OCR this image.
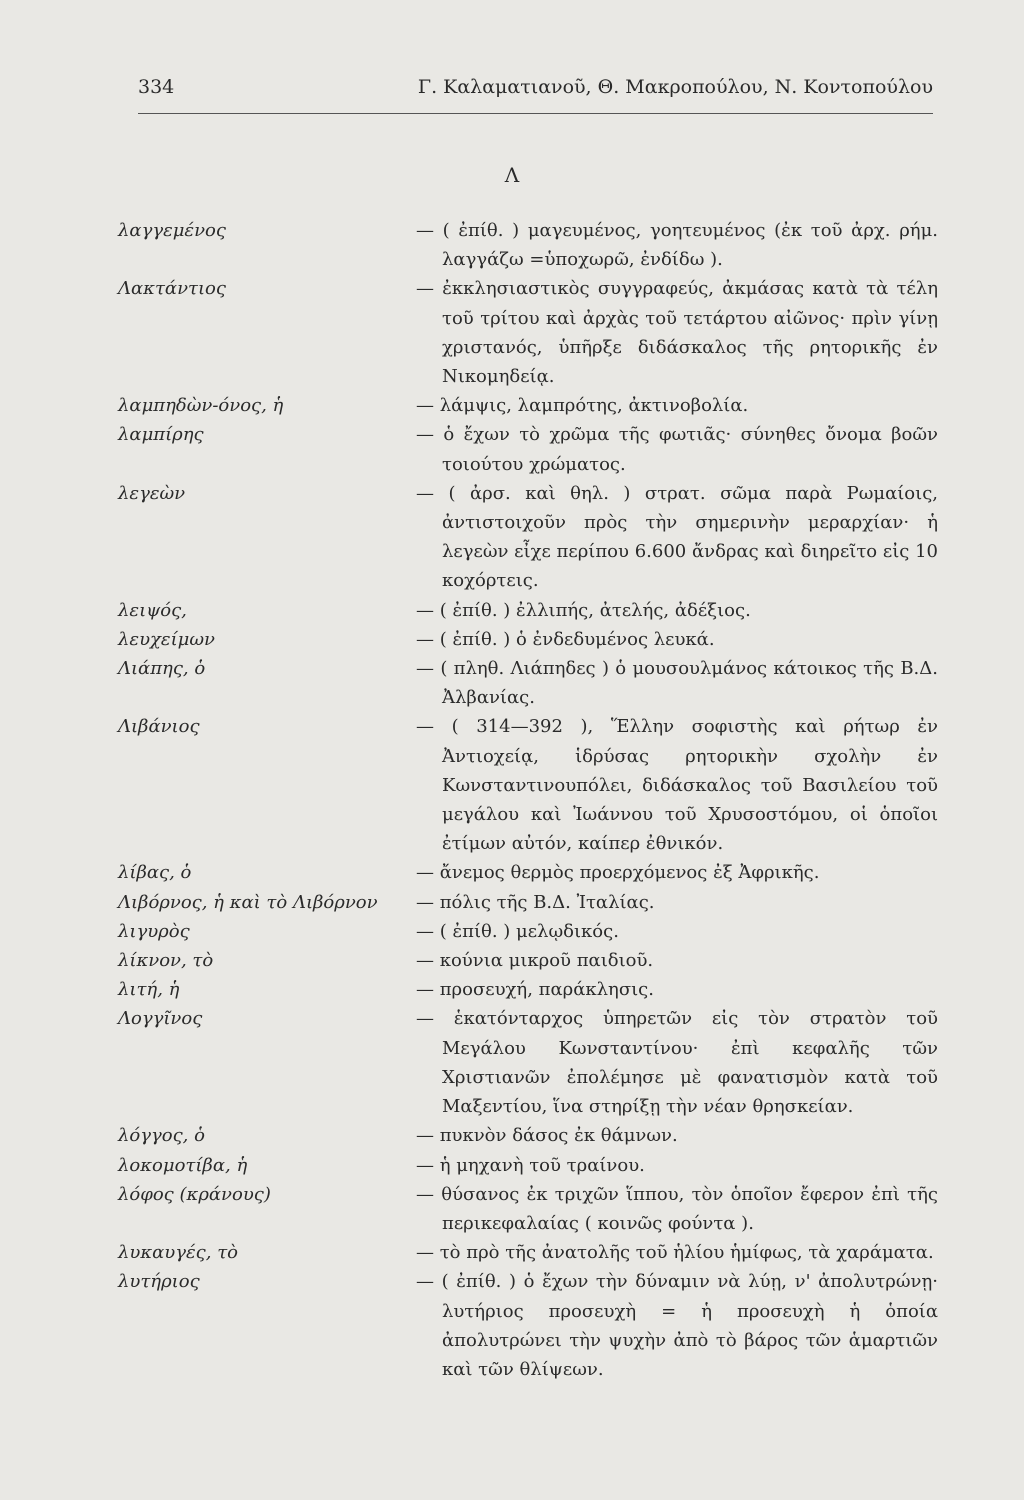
334	Γ. Καλαματιανοῦ, Θ. Μακροπούλου, Ν. Κοντοπούλου
Λ
λαγγεμένος	— ( ἐπίθ. ) μαγευμένος, γοητευμένος (ἐκ τοῦ ἀρχ. ρήμ. λαγγάζω =ὑποχωρῶ, ἐνδίδω ).
Λακτάντιος	— ἐκκλησιαστικὸς συγγραφεύς, ἀκμάσας κατὰ τὰ τέλη τοῦ τρίτου καὶ ἀρχὰς τοῦ τετάρτου αἰῶνος· πρὶν γίνῃ χριστανός, ὑπῆρξε διδάσκαλος τῆς ρητορικῆς ἐν Νικομηδείᾳ.
λαμπηδὼν-όνος, ἡ	— λάμψις, λαμπρότης, ἀκτινοβολία.
λαμπίρης	— ὁ ἔχων τὸ χρῶμα τῆς φωτιᾶς· σύνηθες ὄνομα βοῶν τοιούτου χρώματος.
λεγεὼν	— ( ἀρσ. καὶ θηλ. ) στρατ. σῶμα παρὰ Ρωμαίοις, ἀντιστοιχοῦν πρὸς τὴν σημερινὴν μεραρχίαν· ἡ λεγεὼν εἶχε περίπου 6.600 ἄνδρας καὶ διηρεῖτο εἰς 10 κοχόρτεις.
λειψός,	— ( ἐπίθ. ) ἐλλιπής, ἀτελής, ἀδέξιος.
λευχείμων	— ( ἐπίθ. ) ὁ ἐνδεδυμένος λευκά.
Λιάπης, ὁ	— ( πληθ. Λιάπηδες ) ὁ μουσουλμάνος κάτοικος τῆς Β.Δ. Ἀλβανίας.
Λιβάνιος	— ( 314—392 ), Ἕλλην σοφιστὴς καὶ ρήτωρ ἐν Ἀντιοχείᾳ, ἱδρύσας ρητορικὴν σχολὴν ἐν Κωνσταντινουπόλει, διδάσκαλος τοῦ Βασιλείου τοῦ μεγάλου καὶ Ἰωάννου τοῦ Χρυσοστόμου, οἱ ὁποῖοι ἐτίμων αὐτόν, καίπερ ἐθνικόν.
λίβας, ὁ	— ἄνεμος θερμὸς προερχόμενος ἐξ Ἀφρικῆς.
Λιβόρνος, ἡ καὶ τὸ Λιβόρνον	— πόλις τῆς Β.Δ. Ἰταλίας.
λιγυρὸς	— ( ἐπίθ. ) μελῳδικός.
λίκνον, τὸ	— κούνια μικροῦ παιδιοῦ.
λιτή, ἡ	— προσευχή, παράκλησις.
Λογγῖνος	— ἑκατόνταρχος ὑπηρετῶν εἰς τὸν στρατὸν τοῦ Μεγάλου Κωνσταντίνου· ἐπὶ κεφαλῆς τῶν Χριστιανῶν ἐπολέμησε μὲ φανατισμὸν κατὰ τοῦ Μαξεντίου, ἵνα στηρίξῃ τὴν νέαν θρησκείαν.
λόγγος, ὁ	— πυκνὸν δάσος ἐκ θάμνων.
λοκομοτίβα, ἡ	— ἡ μηχανὴ τοῦ τραίνου.
λόφος (κράνους)	— θύσανος ἐκ τριχῶν ἵππου, τὸν ὁποῖον ἔφερον ἐπὶ τῆς περικεφαλαίας ( κοινῶς φούντα ).
λυκαυγές, τὸ	— τὸ πρὸ τῆς ἀνατολῆς τοῦ ἡλίου ἡμίφως, τὰ χαράματα.
λυτήριος	— ( ἐπίθ. ) ὁ ἔχων τὴν δύναμιν νὰ λύῃ, ν' ἀπολυτρώνῃ· λυτήριος προσευχὴ = ἡ προσευχὴ ἡ ὁποία ἀπολυτρώνει τὴν ψυχὴν ἀπὸ τὸ βάρος τῶν ἁμαρτιῶν καὶ τῶν θλίψεων.
